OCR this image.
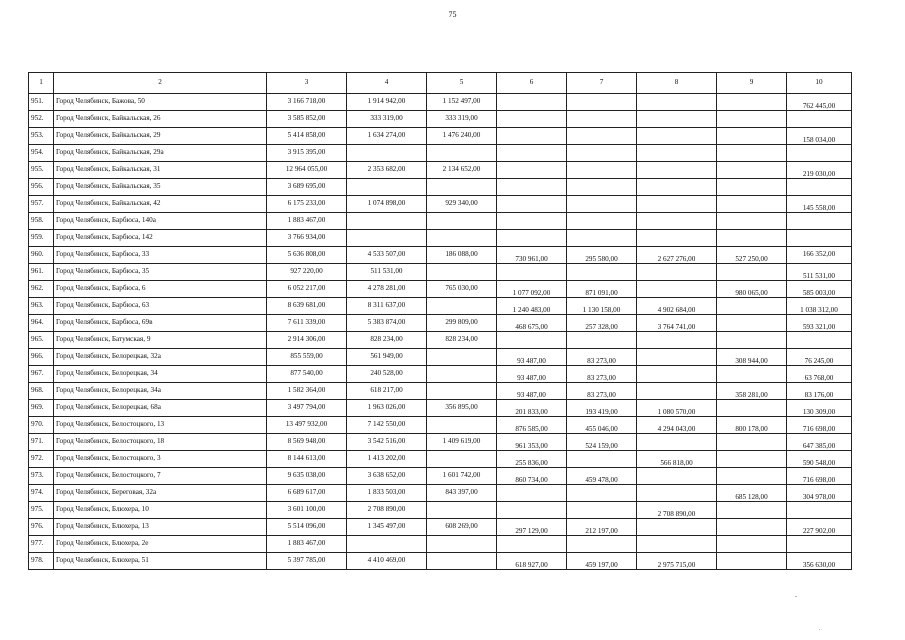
75
1	2	3	4	5	6	7	8	9	10
951.	Город Челябинск, Бажова, 50	3 166 718,00	1 914 942,00	1 152 497,00					762 445,00
952.	Город Челябинск, Байкальская, 26	3 585 852,00	333 319,00	333 319,00					
953.	Город Челябинск, Байкальская, 29	5 414 858,00	1 634 274,00	1 476 240,00					158 034,00
954.	Город Челябинск, Байкальская, 29а	3 915 395,00							
955.	Город Челябинск, Байкальская, 31	12 964 055,00	2 353 682,00	2 134 652,00					219 030,00
956.	Город Челябинск, Байкальская, 35	3 689 695,00							
957.	Город Челябинск, Байкальская, 42	6 175 233,00	1 074 898,00	929 340,00					145 558,00
958.	Город Челябинск, Барбюса, 140а	1 883 467,00							
959.	Город Челябинск, Барбюса, 142	3 766 934,00							
960.	Город Челябинск, Барбюса, 33	5 636 808,00	4 533 507,00	186 088,00	730 961,00	295 580,00	2 627 276,00	527 250,00	166 352,00
961.	Город Челябинск, Барбюса, 35	927 220,00	511 531,00						511 531,00
962.	Город Челябинск, Барбюса, 6	6 052 217,00	4 278 281,00	765 030,00	1 077 092,00	871 091,00		980 065,00	585 003,00
963.	Город Челябинск, Барбюса, 63	8 639 681,00	8 311 637,00		1 240 483,00	1 130 158,00	4 902 684,00		1 038 312,00
964.	Город Челябинск, Барбюса, 69в	7 611 339,00	5 383 874,00	299 809,00	468 675,00	257 328,00	3 764 741,00		593 321,00
965.	Город Челябинск, Батумская, 9	2 914 306,00	828 234,00	828 234,00					
966.	Город Челябинск, Белорецкая, 32а	855 559,00	561 949,00		93 487,00	83 273,00		308 944,00	76 245,00
967.	Город Челябинск, Белорецкая, 34	877 540,00	240 528,00		93 487,00	83 273,00			63 768,00
968.	Город Челябинск, Белорецкая, 34а	1 582 364,00	618 217,00		93 487,00	83 273,00		358 281,00	83 176,00
969.	Город Челябинск, Белорецкая, 68а	3 497 794,00	1 963 026,00	356 895,00	201 833,00	193 419,00	1 080 570,00		130 309,00
970.	Город Челябинск, Белостоцкого, 13	13 497 932,00	7 142 550,00		876 585,00	455 046,00	4 294 043,00	800 178,00	716 698,00
971.	Город Челябинск, Белостоцкого, 18	8 569 948,00	3 542 516,00	1 409 619,00	961 353,00	524 159,00			647 385,00
972.	Город Челябинск, Белостоцкого, 3	8 144 613,00	1 413 202,00		255 836,00		566 818,00		590 548,00
973.	Город Челябинск, Белостоцкого, 7	9 635 038,00	3 638 652,00	1 601 742,00	860 734,00	459 478,00			716 698,00
974.	Город Челябинск, Береговая, 32а	6 689 617,00	1 833 503,00	843 397,00				685 128,00	304 978,00
975.	Город Челябинск, Блюхера, 10	3 601 100,00	2 708 890,00				2 708 890,00		
976.	Город Челябинск, Блюхера, 13	5 514 096,00	1 345 497,00	608 269,00	297 129,00	212 197,00			227 902,00
977.	Город Челябинск, Блюхера, 2е	1 883 467,00							
978.	Город Челябинск, Блюхера, 51	5 397 785,00	4 410 469,00		618 927,00	459 197,00	2 975 715,00		356 630,00
